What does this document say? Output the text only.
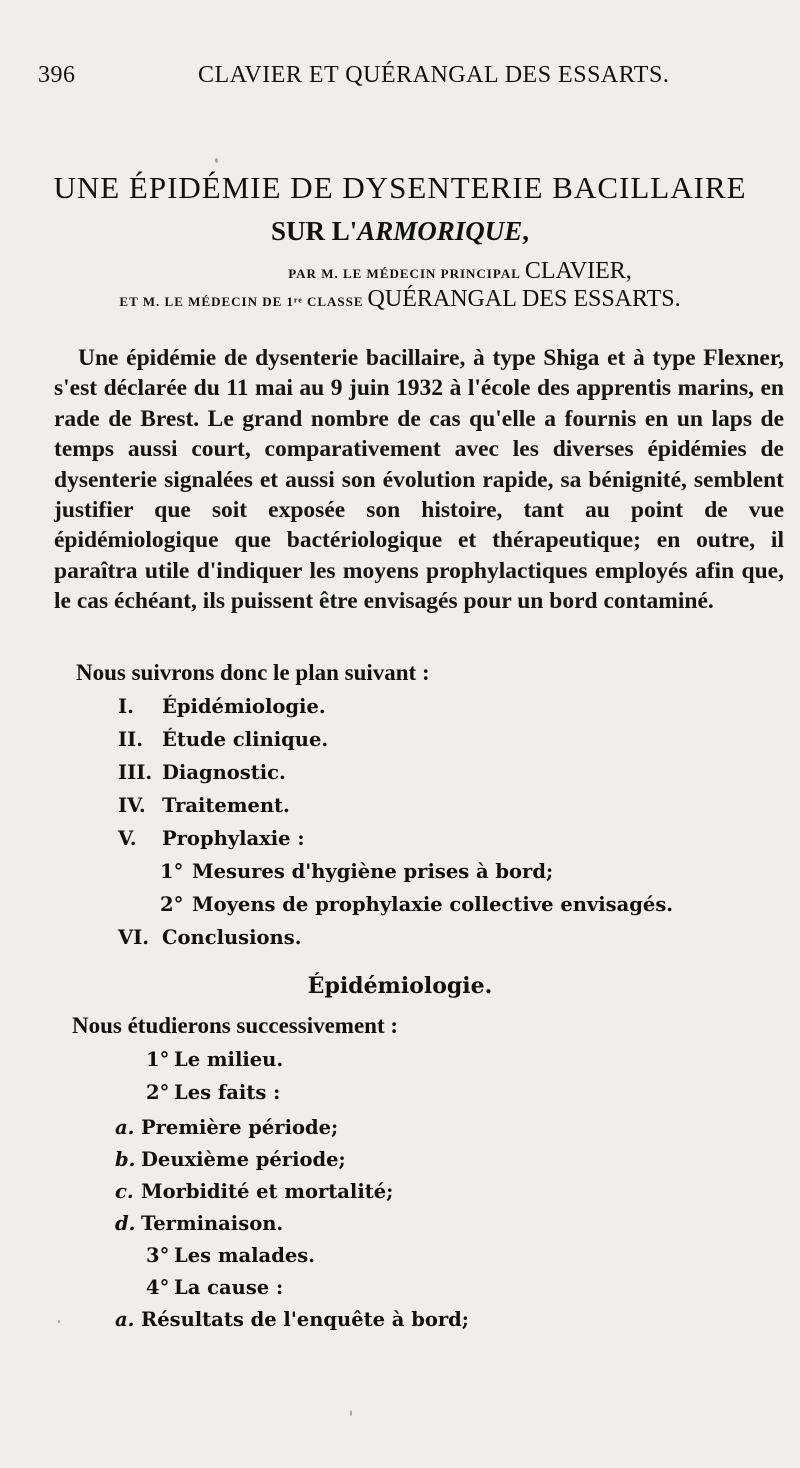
396	CLAVIER ET QUÉRANGAL DES ESSARTS.
UNE ÉPIDÉMIE DE DYSENTERIE BACILLAIRE
SUR L'ARMORIQUE,
PAR M. LE MÉDECIN PRINCIPAL CLAVIER,
ET M. LE MÉDECIN DE 1ʳᵉ CLASSE QUÉRANGAL DES ESSARTS.

Une épidémie de dysenterie bacillaire, à type Shiga et à type Flexner, s'est déclarée du 11 mai au 9 juin 1932 à l'école des apprentis marins, en rade de Brest. Le grand nombre de cas qu'elle a fournis en un laps de temps aussi court, comparativement avec les diverses épidémies de dysenterie signalées et aussi son évolution rapide, sa bénignité, semblent justifier que soit exposée son histoire, tant au point de vue épidémiologique que bactériologique et thérapeutique; en outre, il paraîtra utile d'indiquer les moyens prophylactiques employés afin que, le cas échéant, ils puissent être envisagés pour un bord contaminé.

Nous suivrons donc le plan suivant :
I. Épidémiologie.
II. Étude clinique.
III. Diagnostic.
IV. Traitement.
V. Prophylaxie :
1° Mesures d'hygiène prises à bord;
2° Moyens de prophylaxie collective envisagés.
VI. Conclusions.
Épidémiologie.
Nous étudierons successivement :
1° Le milieu.
2° Les faits :
a. Première période;
b. Deuxième période;
c. Morbidité et mortalité;
d. Terminaison.
3° Les malades.
4° La cause :
a. Résultats de l'enquête à bord;
